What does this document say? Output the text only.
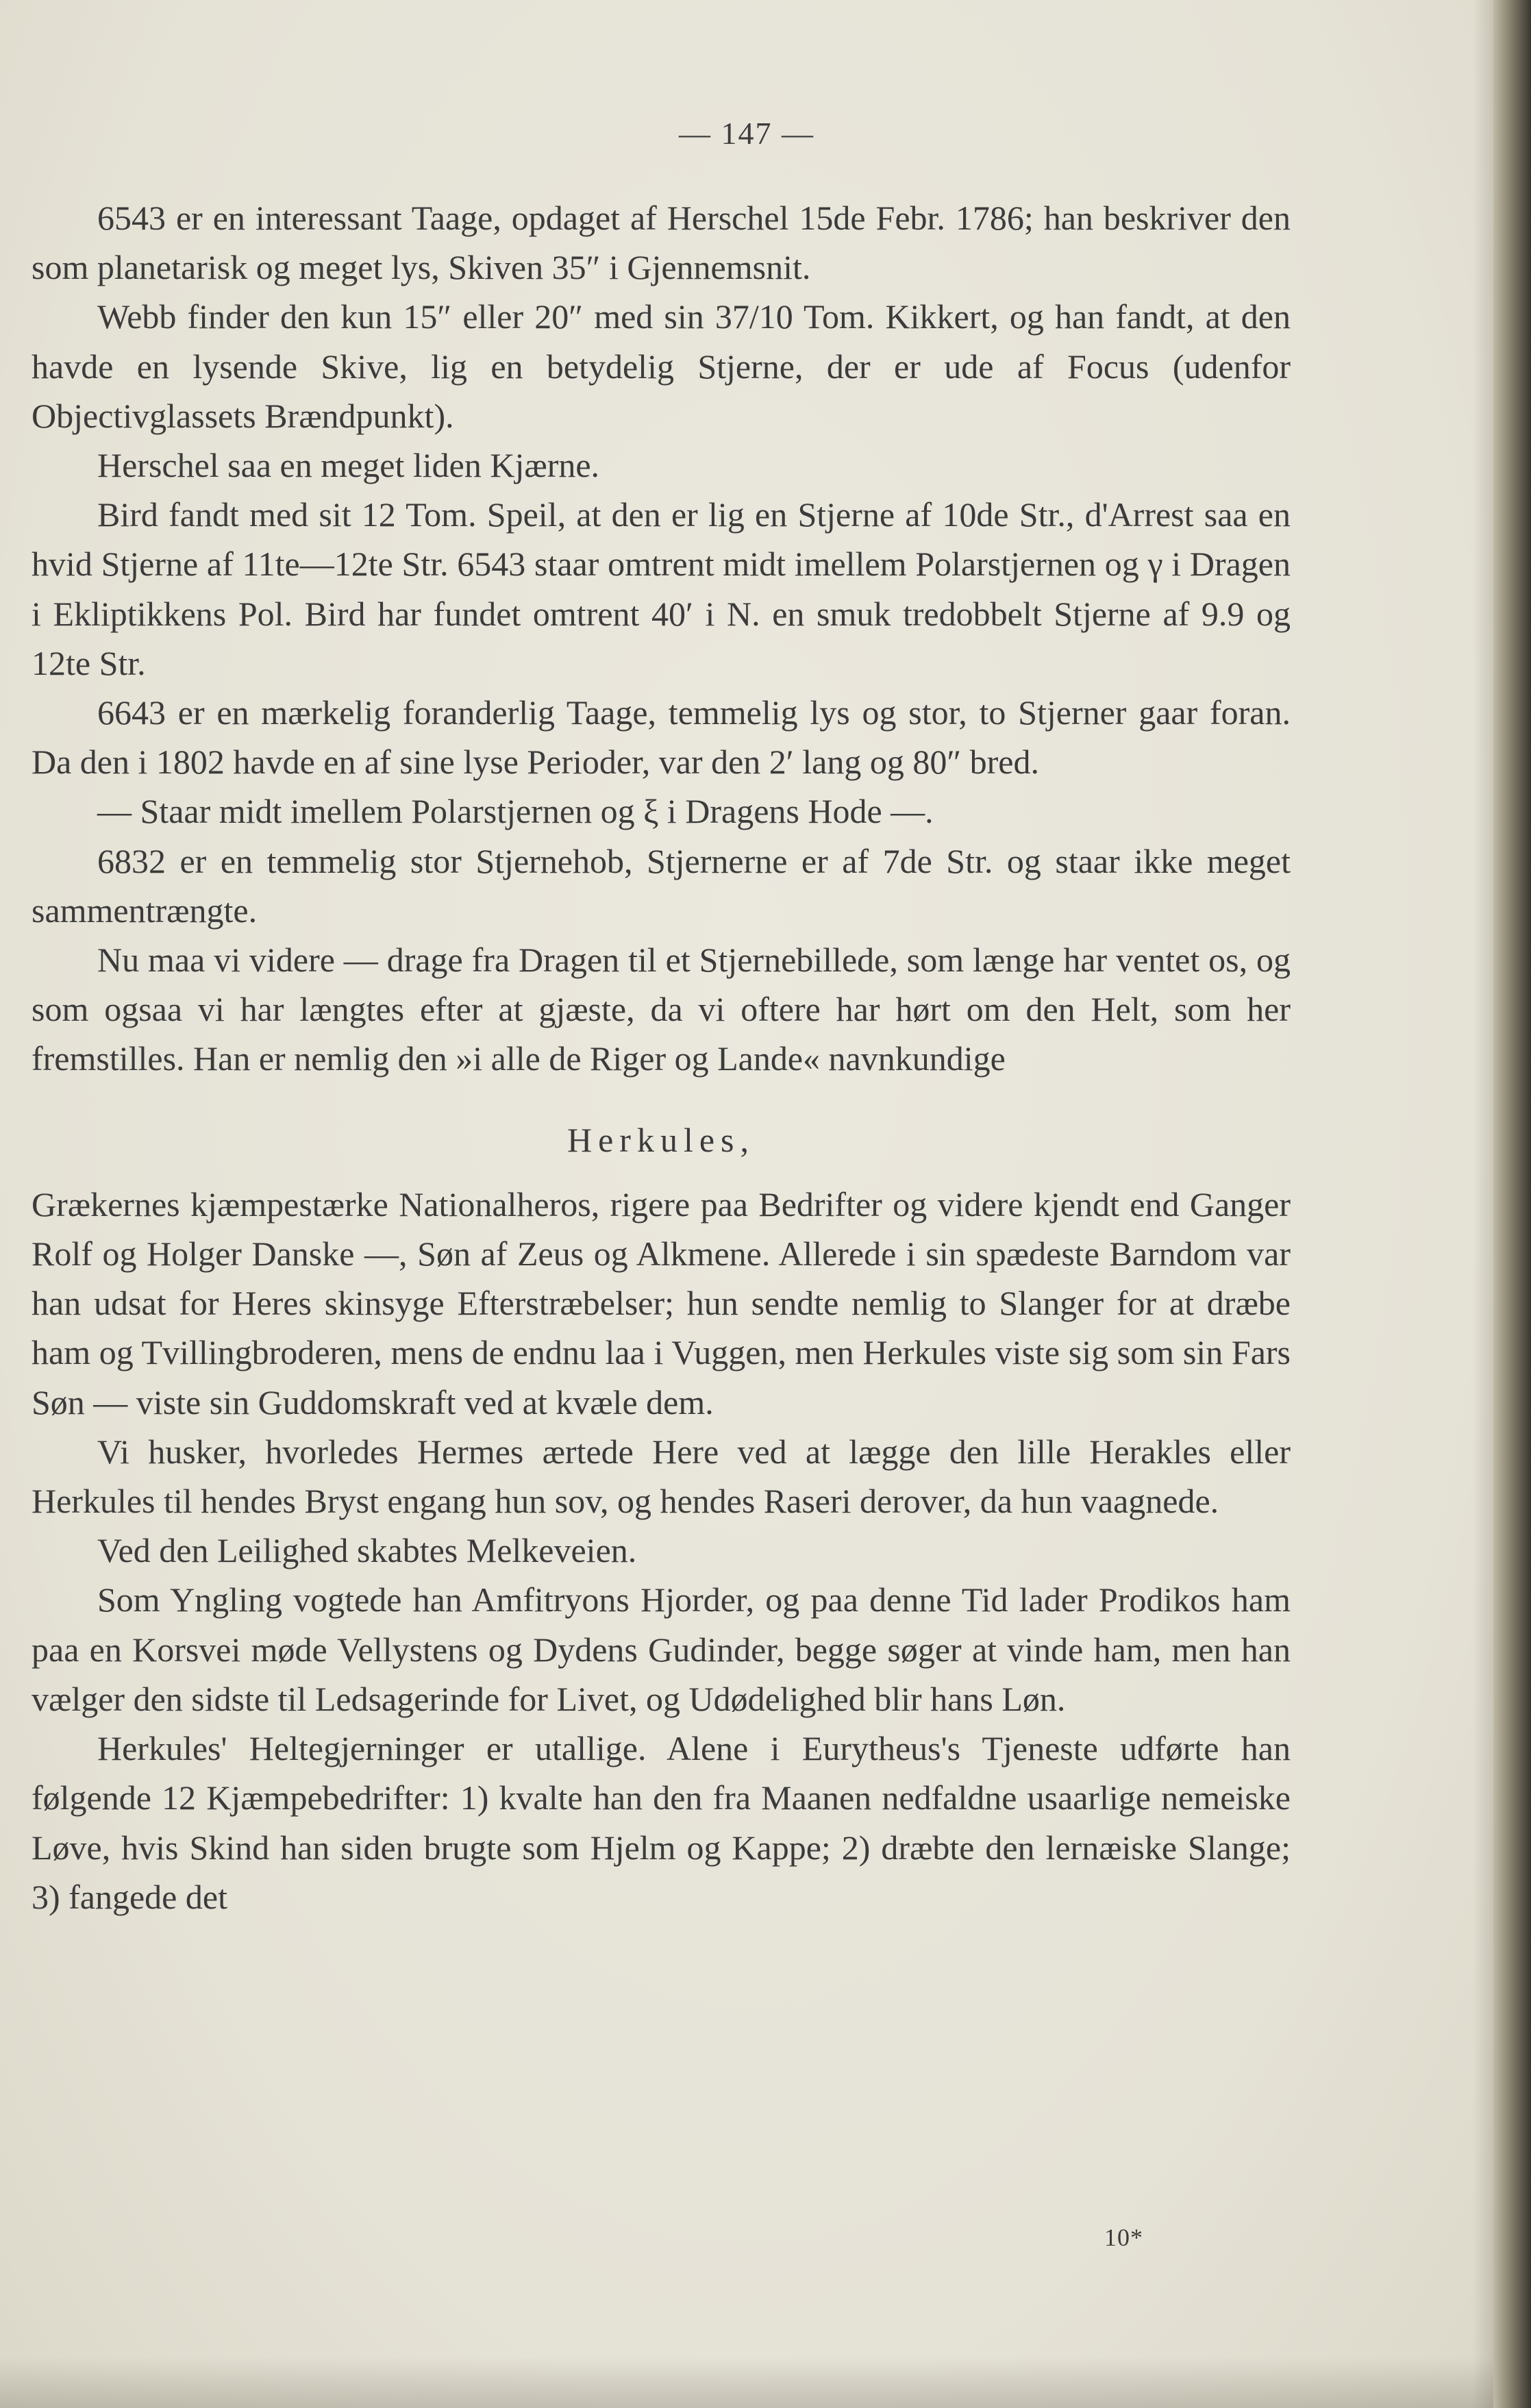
— 147 —

6543 er en interessant Taage, opdaget af Herschel 15de Febr. 1786; han beskriver den som planetarisk og meget lys, Skiven 35″ i Gjennemsnit.

Webb finder den kun 15″ eller 20″ med sin 37/10 Tom. Kikkert, og han fandt, at den havde en lysende Skive, lig en betydelig Stjerne, der er ude af Focus (udenfor Objectivglassets Brændpunkt).

Herschel saa en meget liden Kjærne.

Bird fandt med sit 12 Tom. Speil, at den er lig en Stjerne af 10de Str., d'Arrest saa en hvid Stjerne af 11te—12te Str. 6543 staar omtrent midt imellem Polarstjernen og γ i Dragen i Ekliptikkens Pol. Bird har fundet omtrent 40′ i N. en smuk tredobbelt Stjerne af 9.9 og 12te Str.

6643 er en mærkelig foranderlig Taage, temmelig lys og stor, to Stjerner gaar foran. Da den i 1802 havde en af sine lyse Perioder, var den 2′ lang og 80″ bred.

— Staar midt imellem Polarstjernen og ξ i Dragens Hode —.

6832 er en temmelig stor Stjernehob, Stjernerne er af 7de Str. og staar ikke meget sammentrængte.

Nu maa vi videre — drage fra Dragen til et Stjernebillede, som længe har ventet os, og som ogsaa vi har længtes efter at gjæste, da vi oftere har hørt om den Helt, som her fremstilles. Han er nemlig den »i alle de Riger og Lande« navnkundige

Herkules,

Grækernes kjæmpestærke Nationalheros, rigere paa Bedrifter og videre kjendt end Ganger Rolf og Holger Danske —, Søn af Zeus og Alkmene. Allerede i sin spædeste Barndom var han udsat for Heres skinsyge Efterstræbelser; hun sendte nemlig to Slanger for at dræbe ham og Tvillingbroderen, mens de endnu laa i Vuggen, men Herkules viste sig som sin Fars Søn — viste sin Guddomskraft ved at kvæle dem.

Vi husker, hvorledes Hermes ærtede Here ved at lægge den lille Herakles eller Herkules til hendes Bryst engang hun sov, og hendes Raseri derover, da hun vaagnede.

Ved den Leilighed skabtes Melkeveien.

Som Yngling vogtede han Amfitryons Hjorder, og paa denne Tid lader Prodikos ham paa en Korsvei møde Vellystens og Dydens Gudinder, begge søger at vinde ham, men han vælger den sidste til Ledsagerinde for Livet, og Udødelighed blir hans Løn.

Herkules' Heltegjerninger er utallige. Alene i Eurytheus's Tjeneste udførte han følgende 12 Kjæmpebedrifter: 1) kvalte han den fra Maanen nedfaldne usaarlige nemeiske Løve, hvis Skind han siden brugte som Hjelm og Kappe; 2) dræbte den lernæiske Slange; 3) fangede det

10*
